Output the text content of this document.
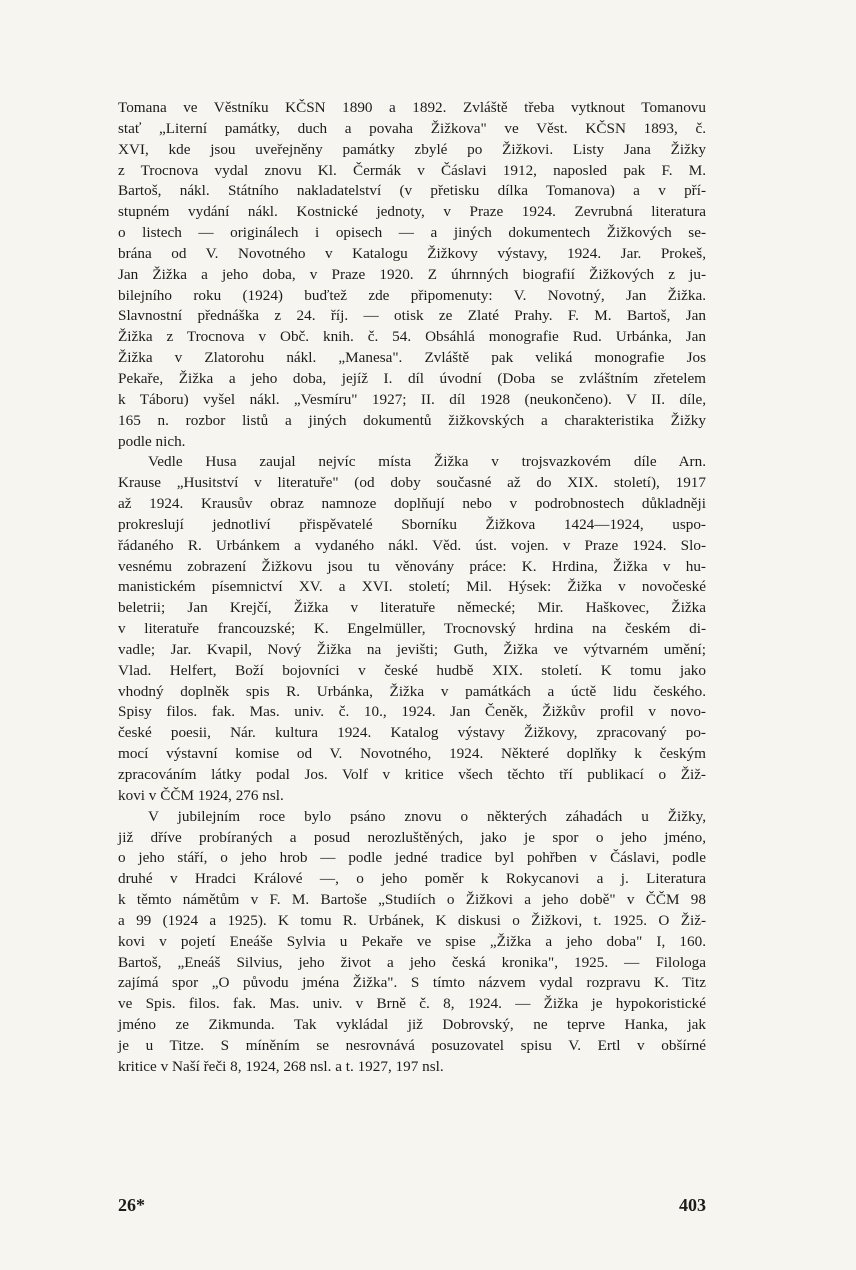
Tomana ve Věstníku KČSN 1890 a 1892. Zvláště třeba vytknout Tomanovu
stať „Literní památky, duch a povaha Žižkova" ve Věst. KČSN 1893, č.
XVI, kde jsou uveřejněny památky zbylé po Žižkovi. Listy Jana Žižky
z Trocnova vydal znovu Kl. Čermák v Čáslavi 1912, naposled pak F. M.
Bartoš, nákl. Státního nakladatelství (v přetisku dílka Tomanova) a v pří-
stupném vydání nákl. Kostnické jednoty, v Praze 1924. Zevrubná literatura
o listech — originálech i opisech — a jiných dokumentech Žižkových se-
brána od V. Novotného v Katalogu Žižkovy výstavy, 1924. Jar. Prokeš,
Jan Žižka a jeho doba, v Praze 1920. Z úhrnných biografií Žižkových z ju-
bilejního roku (1924) buďtež zde připomenuty: V. Novotný, Jan Žižka.
Slavnostní přednáška z 24. říj. — otisk ze Zlaté Prahy. F. M. Bartoš, Jan
Žižka z Trocnova v Obč. knih. č. 54. Obsáhlá monografie Rud. Urbánka, Jan
Žižka v Zlatorohu nákl. „Manesa". Zvláště pak veliká monografie Jos
Pekaře, Žižka a jeho doba, jejíž I. díl úvodní (Doba se zvláštním zřetelem
k Táboru) vyšel nákl. „Vesmíru" 1927; II. díl 1928 (neukončeno). V II. díle,
165 n. rozbor listů a jiných dokumentů žižkovských a charakteristika Žižky
podle nich.
Vedle Husa zaujal nejvíc místa Žižka v trojsvazkovém díle Arn.
Krause „Husitství v literatuře" (od doby současné až do XIX. století), 1917
až 1924. Krausův obraz namnoze doplňují nebo v podrobnostech důkladněji
prokreslují jednotliví přispěvatelé Sborníku Žižkova 1424—1924, uspo-
řádaného R. Urbánkem a vydaného nákl. Věd. úst. vojen. v Praze 1924. Slo-
vesnému zobrazení Žižkovu jsou tu věnovány práce: K. Hrdina, Žižka v hu-
manistickém písemnictví XV. a XVI. století; Mil. Hýsek: Žižka v novočeské
beletrii; Jan Krejčí, Žižka v literatuře německé; Mir. Haškovec, Žižka
v literatuře francouzské; K. Engelmüller, Trocnovský hrdina na českém di-
vadle; Jar. Kvapil, Nový Žižka na jevišti; Guth, Žižka ve výtvarném umění;
Vlad. Helfert, Boží bojovníci v české hudbě XIX. století. K tomu jako
vhodný doplněk spis R. Urbánka, Žižka v památkách a úctě lidu českého.
Spisy filos. fak. Mas. univ. č. 10., 1924. Jan Čeněk, Žižkův profil v novo-
české poesii, Nár. kultura 1924. Katalog výstavy Žižkovy, zpracovaný po-
mocí výstavní komise od V. Novotného, 1924. Některé doplňky k českým
zpracováním látky podal Jos. Volf v kritice všech těchto tří publikací o Žiž-
kovi v ČČM 1924, 276 nsl.
V jubilejním roce bylo psáno znovu o některých záhadách u Žižky,
již dříve probíraných a posud nerozluštěných, jako je spor o jeho jméno,
o jeho stáří, o jeho hrob — podle jedné tradice byl pohřben v Čáslavi, podle
druhé v Hradci Králové —, o jeho poměr k Rokycanovi a j. Literatura
k těmto námětům v F. M. Bartoše „Studiích o Žižkovi a jeho době" v ČČM 98
a 99 (1924 a 1925). K tomu R. Urbánek, K diskusi o Žižkovi, t. 1925. O Žiž-
kovi v pojetí Eneáše Sylvia u Pekaře ve spise „Žižka a jeho doba" I, 160.
Bartoš, „Eneáš Silvius, jeho život a jeho česká kronika", 1925. — Filologa
zajímá spor „O původu jména Žižka". S tímto názvem vydal rozpravu K. Titz
ve Spis. filos. fak. Mas. univ. v Brně č. 8, 1924. — Žižka je hypokoristické
jméno ze Zikmunda. Tak vykládal již Dobrovský, ne teprve Hanka, jak
je u Titze. S míněním se nesrovnává posuzovatel spisu V. Ertl v obšírné
kritice v Naší řeči 8, 1924, 268 nsl. a t. 1927, 197 nsl.
26*	403
